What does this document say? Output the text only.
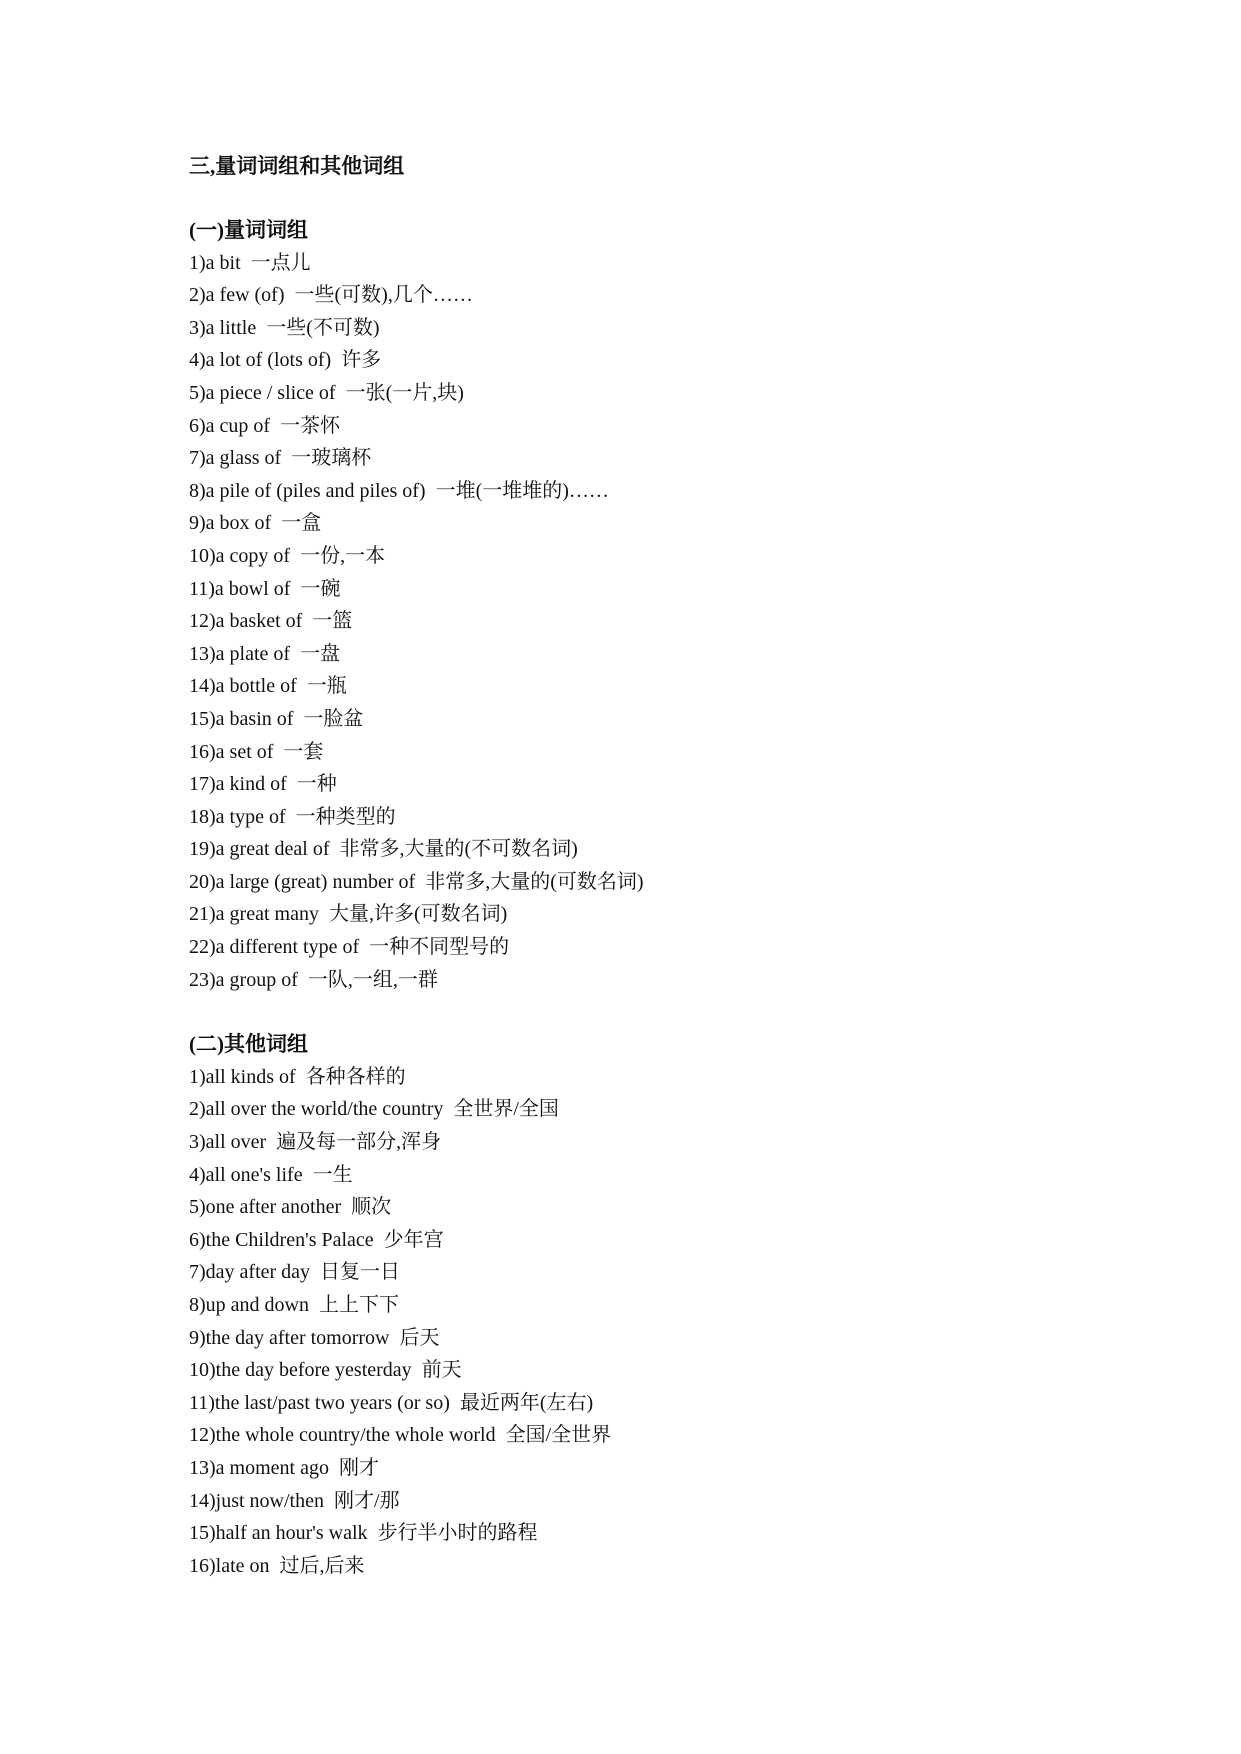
三,量词词组和其他词组
(一)量词词组
1)a bit 一点儿
2)a few (of) 一些(可数),几个……
3)a little 一些(不可数)
4)a lot of (lots of) 许多
5)a piece / slice of 一张(一片,块)
6)a cup of 一茶怀
7)a glass of 一玻璃杯
8)a pile of (piles and piles of) 一堆(一堆堆的)……
9)a box of 一盒
10)a copy of 一份,一本
11)a bowl of 一碗
12)a basket of 一篮
13)a plate of 一盘
14)a bottle of 一瓶
15)a basin of 一脸盆
16)a set of 一套
17)a kind of 一种
18)a type of 一种类型的
19)a great deal of 非常多,大量的(不可数名词)
20)a large (great) number of 非常多,大量的(可数名词)
21)a great many 大量,许多(可数名词)
22)a different type of 一种不同型号的
23)a group of 一队,一组,一群
(二)其他词组
1)all kinds of 各种各样的
2)all over the world/the country 全世界/全国
3)all over 遍及每一部分,浑身
4)all one's life 一生
5)one after another 顺次
6)the Children's Palace 少年宫
7)day after day 日复一日
8)up and down 上上下下
9)the day after tomorrow 后天
10)the day before yesterday 前天
11)the last/past two years (or so) 最近两年(左右)
12)the whole country/the whole world 全国/全世界
13)a moment ago 刚才
14)just now/then 刚才/那
15)half an hour's walk 步行半小时的路程
16)late on 过后,后来
